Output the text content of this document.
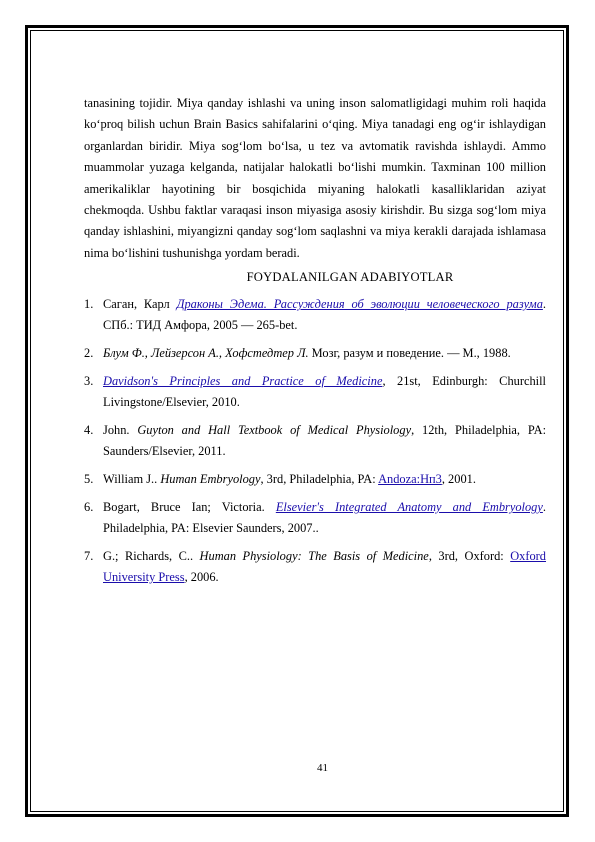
tanasining tojidir. Miya qanday ishlashi va uning inson salomatligidagi muhim roli haqida ko‘proq bilish uchun Brain Basics sahifalarini o‘qing. Miya tanadagi eng og‘ir ishlaydigan organlardan biridir. Miya sog‘lom bo‘lsa, u tez va avtomatik ravishda ishlaydi. Ammo muammolar yuzaga kelganda, natijalar halokatli bo‘lishi mumkin. Taxminan 100 million amerikaliklar hayotining bir bosqichida miyaning halokatli kasalliklaridan aziyat chekmoqda. Ushbu faktlar varaqasi inson miyasiga asosiy kirishdir. Bu sizga sog‘lom miya qanday ishlashini, miyangizni qanday sog‘lom saqlashni va miya kerakli darajada ishlamasa nima bo‘lishini tushunishga yordam beradi.

FOYDALANILGAN ADABIYOTLAR

1. Саган, Карл Драконы Эдема. Рассуждения об эволюции человеческого разума. СПб.: ТИД Амфора, 2005 — 265-bet.
2. Блум Ф., Лейзерсон А., Хофстедтер Л. Мозг, разум и поведение. — М., 1988.
3. Davidson's Principles and Practice of Medicine, 21st, Edinburgh: Churchill Livingstone/Elsevier, 2010.
4. John. Guyton and Hall Textbook of Medical Physiology, 12th, Philadelphia, PA: Saunders/Elsevier, 2011.
5. William J.. Human Embryology, 3rd, Philadelphia, PA: Andoza:Нп3, 2001.
6. Bogart, Bruce Ian; Victoria. Elsevier's Integrated Anatomy and Embryology. Philadelphia, PA: Elsevier Saunders, 2007..
7. G.; Richards, C.. Human Physiology: The Basis of Medicine, 3rd, Oxford: Oxford University Press, 2006.
41
